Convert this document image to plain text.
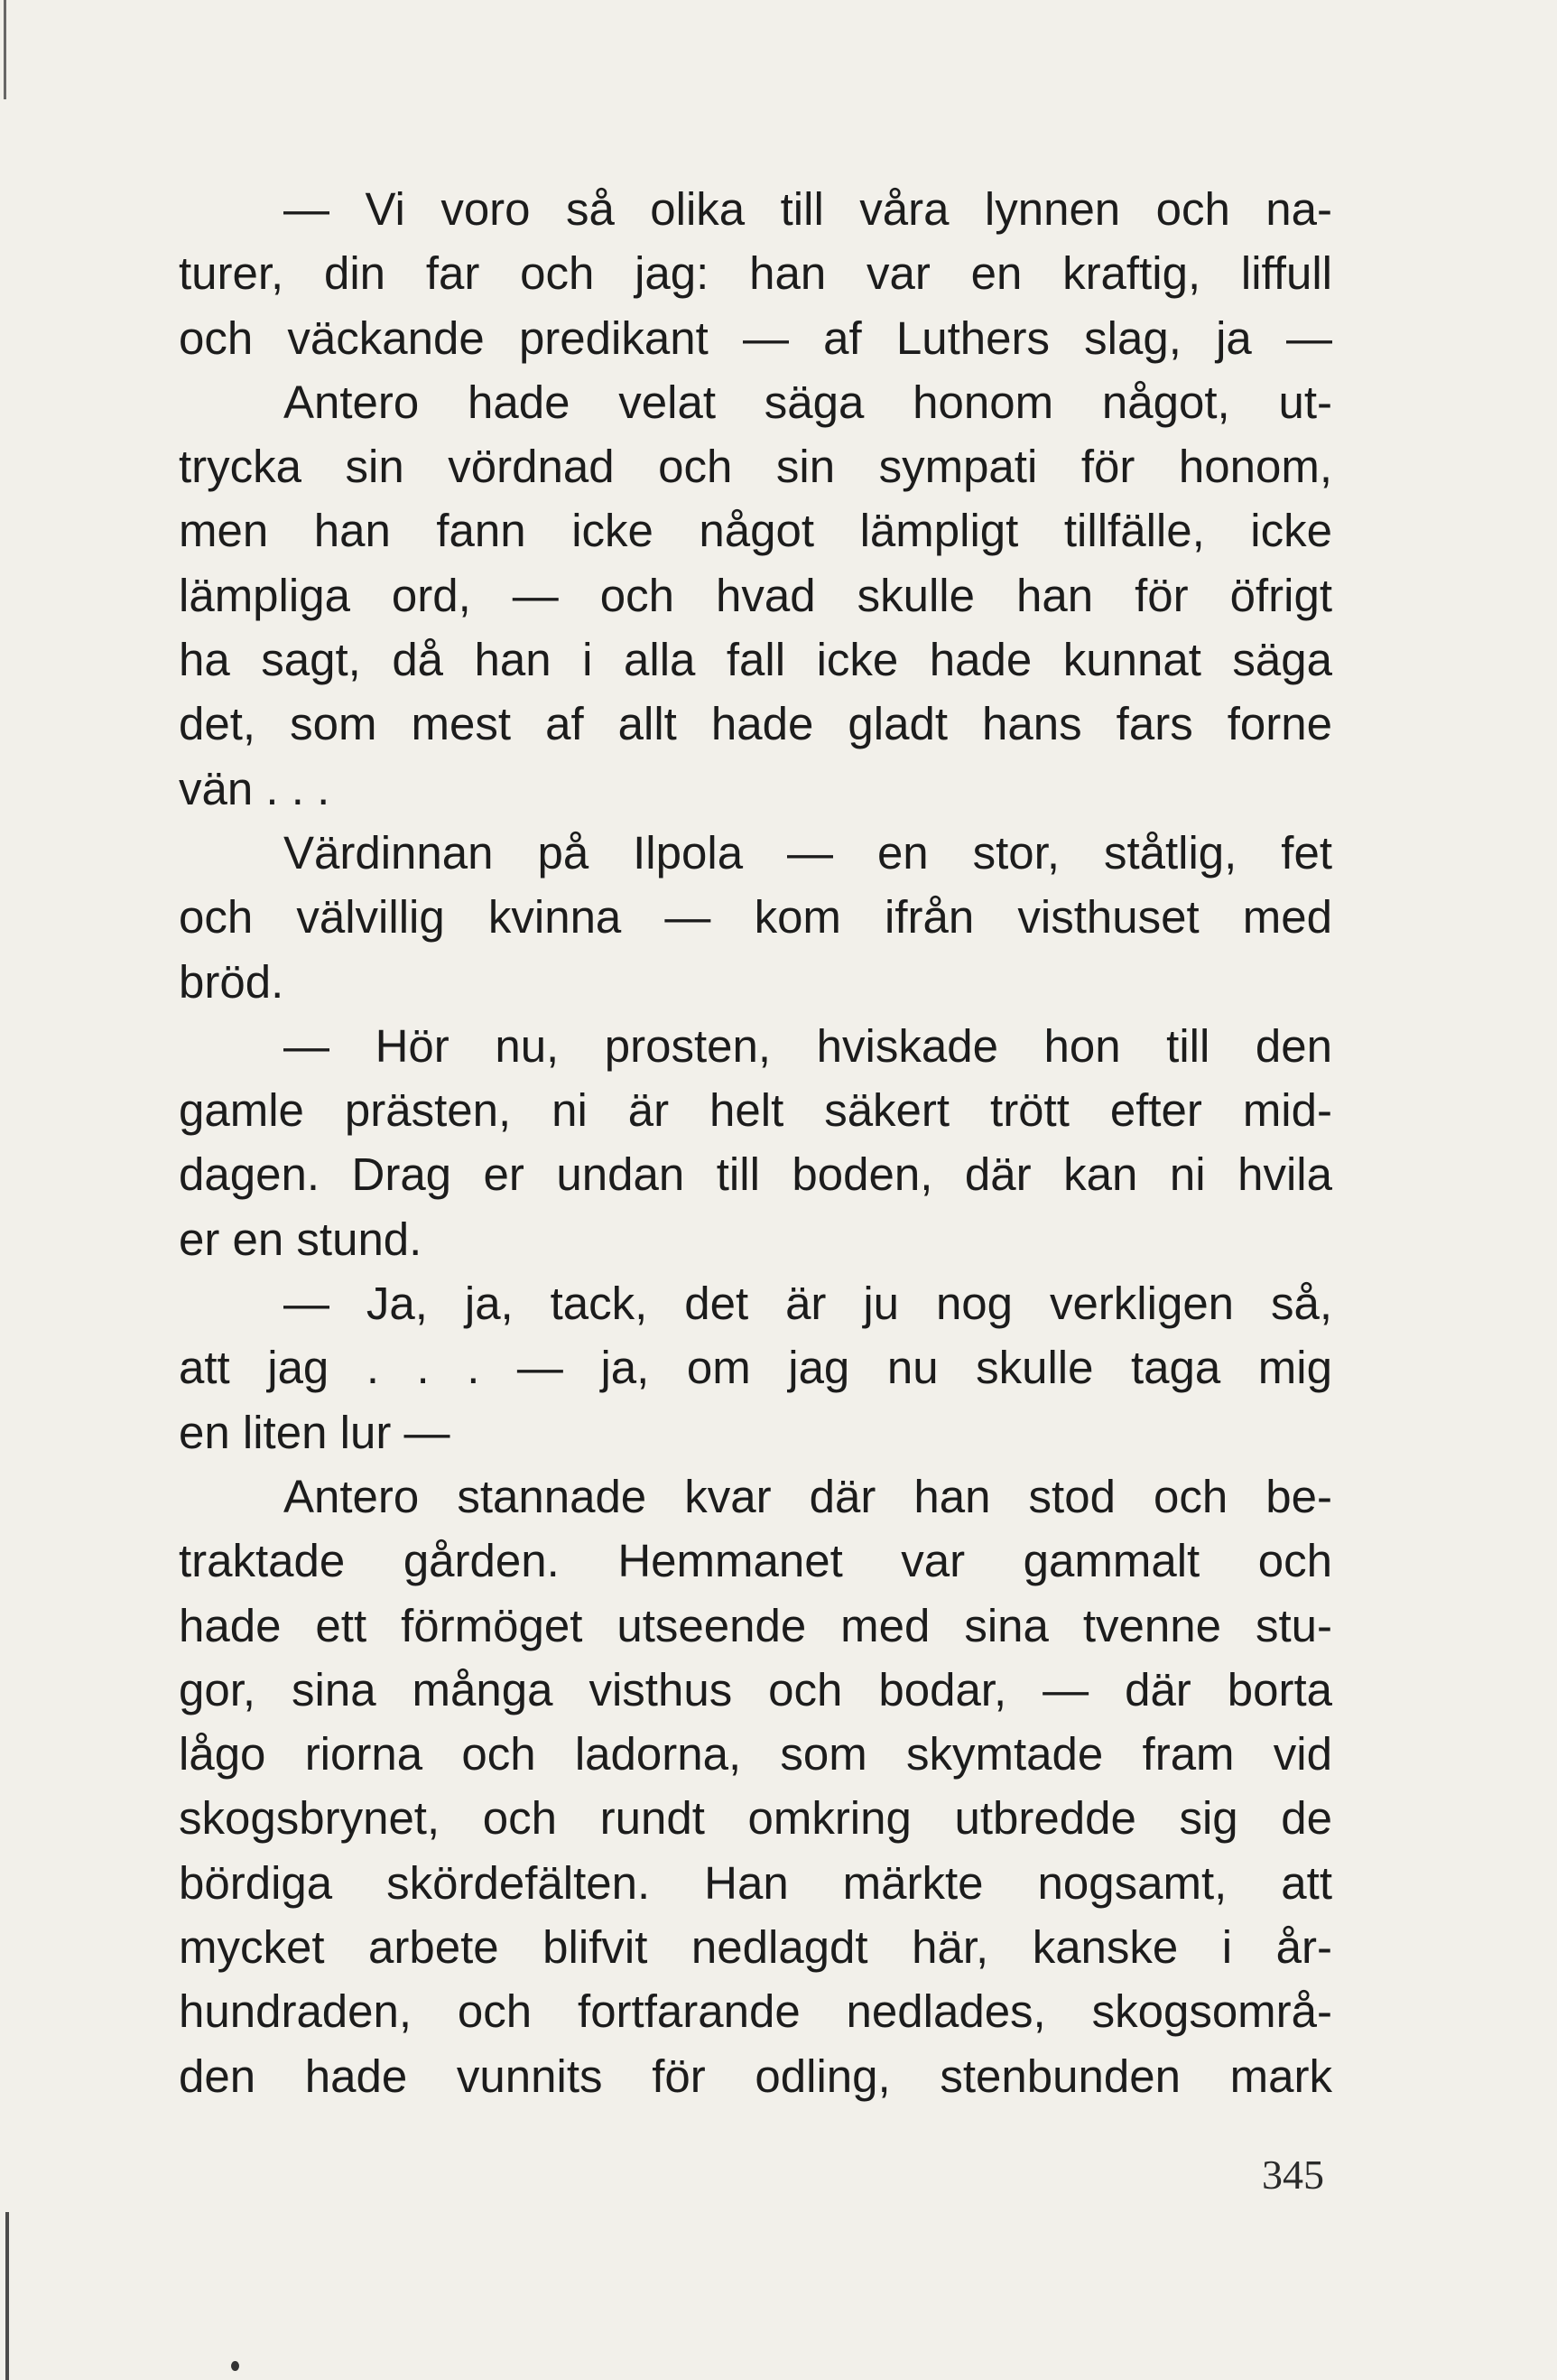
— Vi voro så olika till våra lynnen och na-
turer, din far och jag: han var en kraftig, liffull
och väckande predikant — af Luthers slag, ja —
Antero hade velat säga honom något, ut-
trycka sin vördnad och sin sympati för honom,
men han fann icke något lämpligt tillfälle, icke
lämpliga ord, — och hvad skulle han för öfrigt
ha sagt, då han i alla fall icke hade kunnat säga
det, som mest af allt hade gladt hans fars forne
vän . . .
Värdinnan på Ilpola — en stor, ståtlig, fet
och välvillig kvinna — kom ifrån visthuset med
bröd.
— Hör nu, prosten, hviskade hon till den
gamle prästen, ni är helt säkert trött efter mid-
dagen. Drag er undan till boden, där kan ni hvila
er en stund.
— Ja, ja, tack, det är ju nog verkligen så,
att jag . . . — ja, om jag nu skulle taga mig
en liten lur —
Antero stannade kvar där han stod och be-
traktade gården. Hemmanet var gammalt och
hade ett förmöget utseende med sina tvenne stu-
gor, sina många visthus och bodar, — där borta
lågo riorna och ladorna, som skymtade fram vid
skogsbrynet, och rundt omkring utbredde sig de
bördiga skördefälten. Han märkte nogsamt, att
mycket arbete blifvit nedlagdt här, kanske i år-
hundraden, och fortfarande nedlades, skogsområ-
den hade vunnits för odling, stenbunden mark
345
